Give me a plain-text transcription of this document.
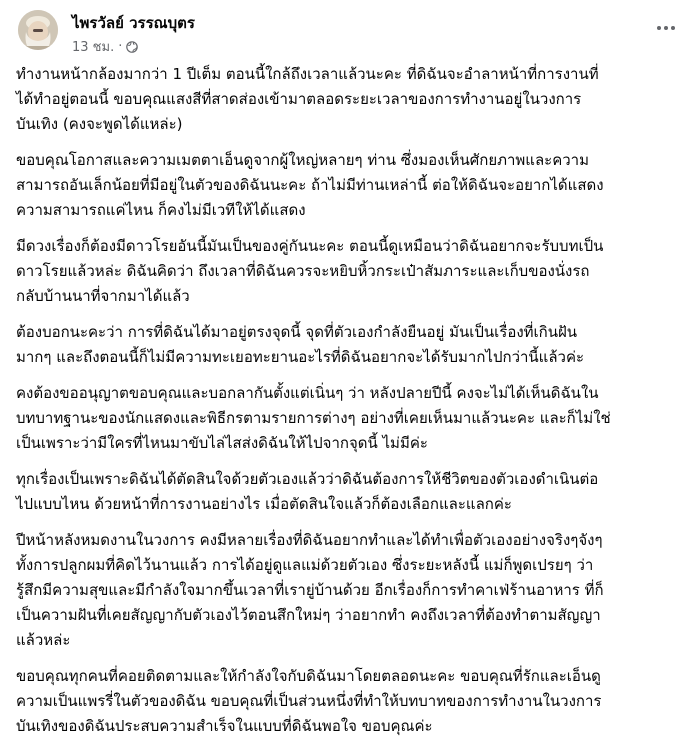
ไพรวัลย์ วรรณบุตร
13 ชม. ·
ทำงานหน้ากล้องมากว่า 1 ปีเต็ม ตอนนี้ใกล้ถึงเวลาแล้วนะคะ ที่ดิฉันจะอำลาหน้าที่การงานที่
ได้ทำอยู่ตอนนี้ ขอบคุณแสงสีที่สาดส่องเข้ามาตลอดระยะเวลาของการทำงานอยู่ในวงการ
บันเทิง (คงจะพูดได้แหล่ะ)
ขอบคุณโอกาสและความเมตตาเอ็นดูจากผู้ใหญ่หลายๆ ท่าน ซึ่งมองเห็นศักยภาพและความ
สามารถอันเล็กน้อยที่มีอยู่ในตัวของดิฉันนะคะ ถ้าไม่มีท่านเหล่านี้ ต่อให้ดิฉันจะอยากได้แสดง
ความสามารถแค่ไหน ก็คงไม่มีเวทีให้ได้แสดง
มีดวงเรื่องก็ต้องมีดาวโรยอันนี้มันเป็นของคู่กันนะคะ ตอนนี้ดูเหมือนว่าดิฉันอยากจะรับบทเป็น
ดาวโรยแล้วหล่ะ ดิฉันคิดว่า ถึงเวลาที่ดิฉันควรจะหยิบหิ้วกระเป๋าสัมภาระและเก็บของนั่งรถ
กลับบ้านนาที่จากมาได้แล้ว
ต้องบอกนะคะว่า การที่ดิฉันได้มาอยู่ตรงจุดนี้ จุดที่ตัวเองกำลังยืนอยู่ มันเป็นเรื่องที่เกินฝัน
มากๆ และถึงตอนนี้ก็ไม่มีความทะเยอทะยานอะไรที่ดิฉันอยากจะได้รับมากไปกว่านี้แล้วค่ะ
คงต้องขออนุญาตขอบคุณและบอกลากันตั้งแต่เนิ่นๆ ว่า หลังปลายปีนี้ คงจะไม่ได้เห็นดิฉันใน
บทบาทฐานะของนักแสดงและพิธีกรตามรายการต่างๆ อย่างที่เคยเห็นมาแล้วนะคะ และก็ไม่ใช่
เป็นเพราะว่ามีใครที่ไหนมาขับไล่ไสส่งดิฉันให้ไปจากจุดนี้ ไม่มีค่ะ
ทุกเรื่องเป็นเพราะดิฉันได้ตัดสินใจด้วยตัวเองแล้วว่าดิฉันต้องการให้ชีวิตของตัวเองดำเนินต่อ
ไปแบบไหน ด้วยหน้าที่การงานอย่างไร เมื่อตัดสินใจแล้วก็ต้องเลือกและแลกค่ะ
ปีหน้าหลังหมดงานในวงการ คงมีหลายเรื่องที่ดิฉันอยากทำและได้ทำเพื่อตัวเองอย่างจริงๆจังๆ
ทั้งการปลูกผมที่คิดไว้นานแล้ว การได้อยู่ดูแลแม่ด้วยตัวเอง ซึ่งระยะหลังนี้ แม่ก็พูดเปรยๆ ว่า
รู้สึกมีความสุขและมีกำลังใจมากขึ้นเวลาที่เรายู่บ้านด้วย อีกเรื่องก็การทำคาเฟ่ร้านอาหาร ที่ก็
เป็นความฝันที่เคยสัญญากับตัวเองไว้ตอนสึกใหม่ๆ ว่าอยากทำ คงถึงเวลาที่ต้องทำตามสัญญา
แล้วหล่ะ
ขอบคุณทุกคนที่คอยติดตามและให้กำลังใจกับดิฉันมาโดยตลอดนะคะ ขอบคุณที่รักและเอ็นดู
ความเป็นแพรรี่ในตัวของดิฉัน ขอบคุณที่เป็นส่วนหนึ่งที่ทำให้บทบาทของการทำงานในวงการ
บันเทิงของดิฉันประสบความสำเร็จในแบบที่ดิฉันพอใจ ขอบคุณค่ะ
